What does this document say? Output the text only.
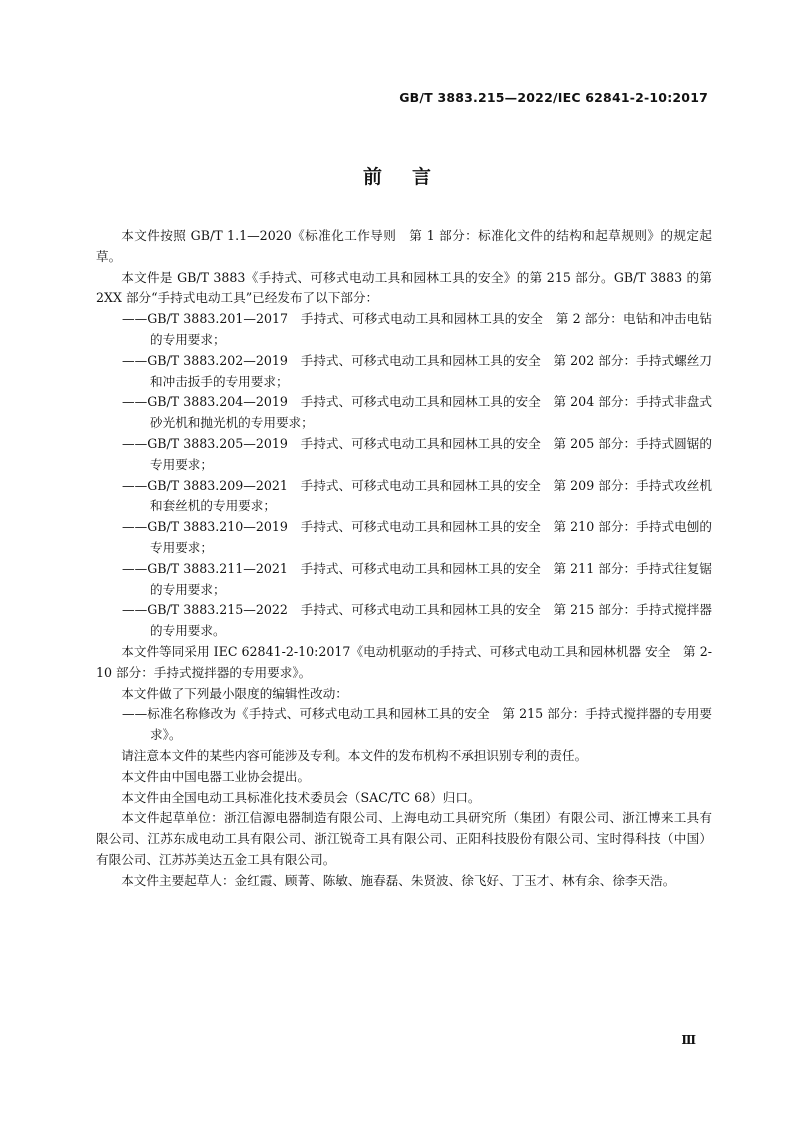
GB/T 3883.215—2022/IEC 62841-2-10:2017
前言

本文件按照 GB/T 1.1—2020《标准化工作导则　第 1 部分：标准化文件的结构和起草规则》的规定起草。

本文件是 GB/T 3883《手持式、可移式电动工具和园林工具的安全》的第 215 部分。GB/T 3883 的第 2XX 部分“手持式电动工具”已经发布了以下部分：

——GB/T 3883.201—2017　手持式、可移式电动工具和园林工具的安全　第 2 部分：电钻和冲击电钻的专用要求；

——GB/T 3883.202—2019　手持式、可移式电动工具和园林工具的安全　第 202 部分：手持式螺丝刀和冲击扳手的专用要求；

——GB/T 3883.204—2019　手持式、可移式电动工具和园林工具的安全　第 204 部分：手持式非盘式砂光机和抛光机的专用要求；

——GB/T 3883.205—2019　手持式、可移式电动工具和园林工具的安全　第 205 部分：手持式圆锯的专用要求；

——GB/T 3883.209—2021　手持式、可移式电动工具和园林工具的安全　第 209 部分：手持式攻丝机和套丝机的专用要求；

——GB/T 3883.210—2019　手持式、可移式电动工具和园林工具的安全　第 210 部分：手持式电刨的专用要求；

——GB/T 3883.211—2021　手持式、可移式电动工具和园林工具的安全　第 211 部分：手持式往复锯的专用要求；

——GB/T 3883.215—2022　手持式、可移式电动工具和园林工具的安全　第 215 部分：手持式搅拌器的专用要求。

本文件等同采用 IEC 62841-2-10:2017《电动机驱动的手持式、可移式电动工具和园林机器 安全　第 2-10 部分：手持式搅拌器的专用要求》。

本文件做了下列最小限度的编辑性改动：

——标准名称修改为《手持式、可移式电动工具和园林工具的安全　第 215 部分：手持式搅拌器的专用要求》。

请注意本文件的某些内容可能涉及专利。本文件的发布机构不承担识别专利的责任。

本文件由中国电器工业协会提出。

本文件由全国电动工具标准化技术委员会（SAC/TC 68）归口。

本文件起草单位：浙江信源电器制造有限公司、上海电动工具研究所（集团）有限公司、浙江博来工具有限公司、江苏东成电动工具有限公司、浙江锐奇工具有限公司、正阳科技股份有限公司、宝时得科技（中国）有限公司、江苏苏美达五金工具有限公司。

本文件主要起草人：金红霞、顾菁、陈敏、施春磊、朱贤波、徐飞好、丁玉才、林有余、徐李天浩。

Ⅲ
